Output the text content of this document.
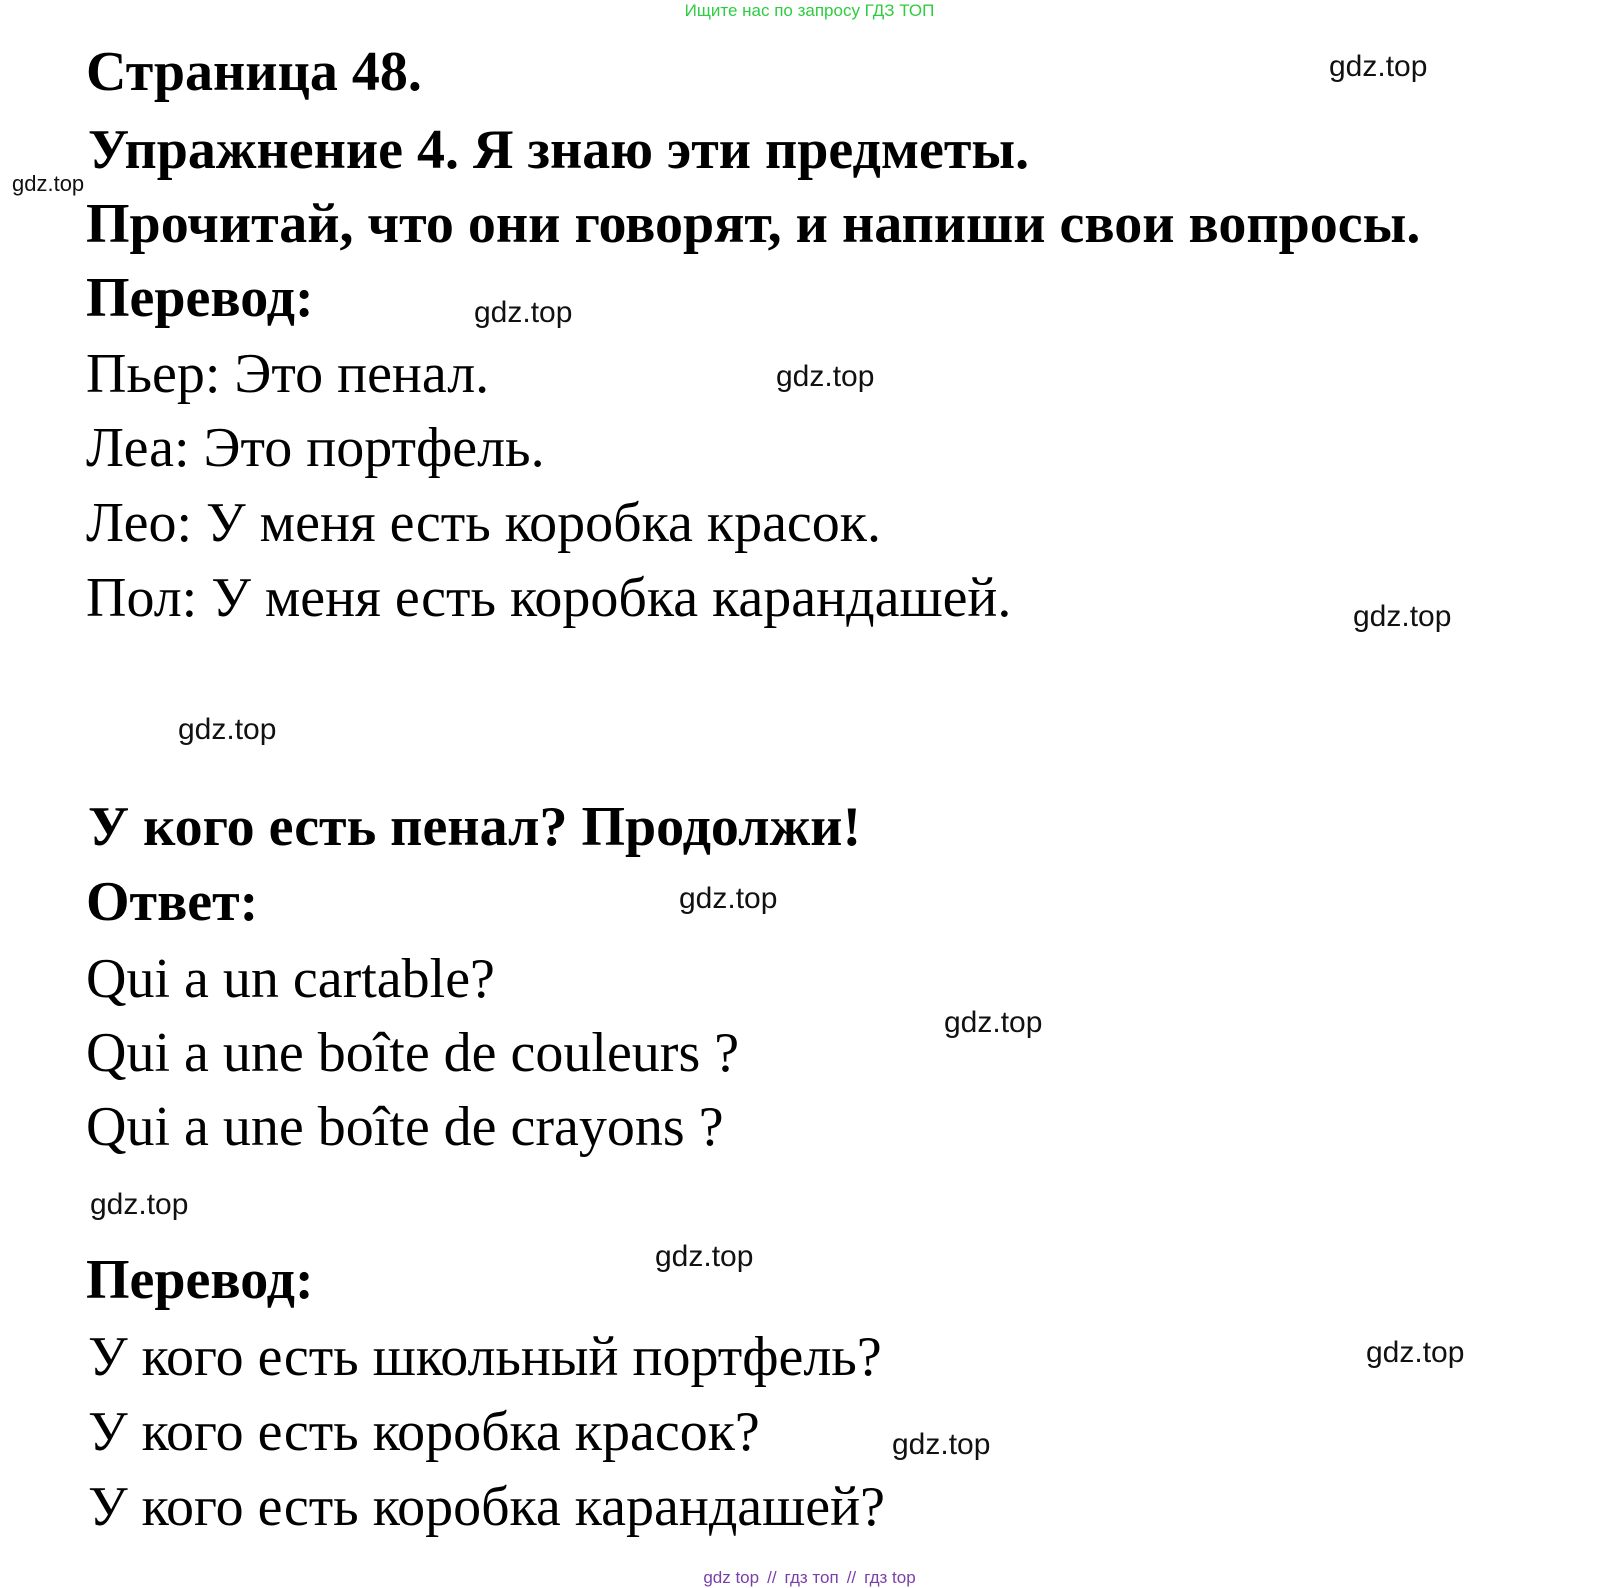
Ищите нас по запросу ГДЗ ТОП
Страница 48.
Упражнение 4. Я знаю эти предметы.
Прочитай, что они говорят, и напиши свои вопросы.
Перевод:
Пьер: Это пенал.
Леа: Это портфель.
Лео: У меня есть коробка красок.
Пол: У меня есть коробка карандашей.
У кого есть пенал? Продолжи!
Ответ:
Qui a un cartable?
Qui a une boîte de couleurs ?
Qui a une boîte de crayons ?
Перевод:
У кого есть школьный портфель?
У кого есть коробка красок?
У кого есть коробка карандашей?
gdz.top
gdz.top
gdz.top
gdz.top
gdz.top
gdz.top
gdz.top
gdz.top
gdz.top
gdz.top
gdz.top
gdz.top
gdz top // гдз топ // гдз top
